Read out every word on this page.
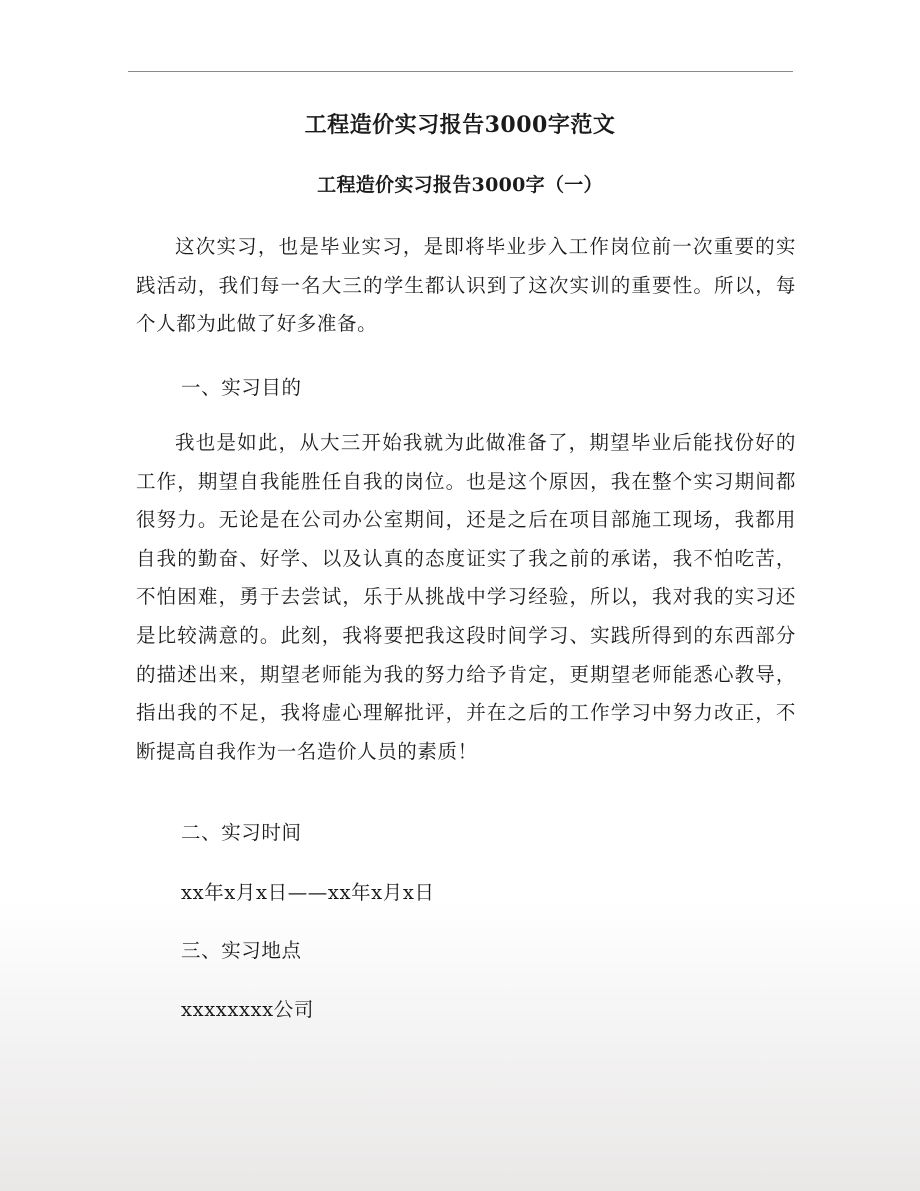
工程造价实习报告3000字范文
工程造价实习报告3000字（一）
这次实习，也是毕业实习，是即将毕业步入工作岗位前一次重要的实践活动，我们每一名大三的学生都认识到了这次实训的重要性。所以，每个人都为此做了好多准备。
一、实习目的
我也是如此，从大三开始我就为此做准备了，期望毕业后能找份好的工作，期望自我能胜任自我的岗位。也是这个原因，我在整个实习期间都很努力。无论是在公司办公室期间，还是之后在项目部施工现场，我都用自我的勤奋、好学、以及认真的态度证实了我之前的承诺，我不怕吃苦，不怕困难，勇于去尝试，乐于从挑战中学习经验，所以，我对我的实习还是比较满意的。此刻，我将要把我这段时间学习、实践所得到的东西部分的描述出来，期望老师能为我的努力给予肯定，更期望老师能悉心教导，指出我的不足，我将虚心理解批评，并在之后的工作学习中努力改正，不断提高自我作为一名造价人员的素质！
二、实习时间
xx年x月x日——xx年x月x日
三、实习地点
xxxxxxxx公司
